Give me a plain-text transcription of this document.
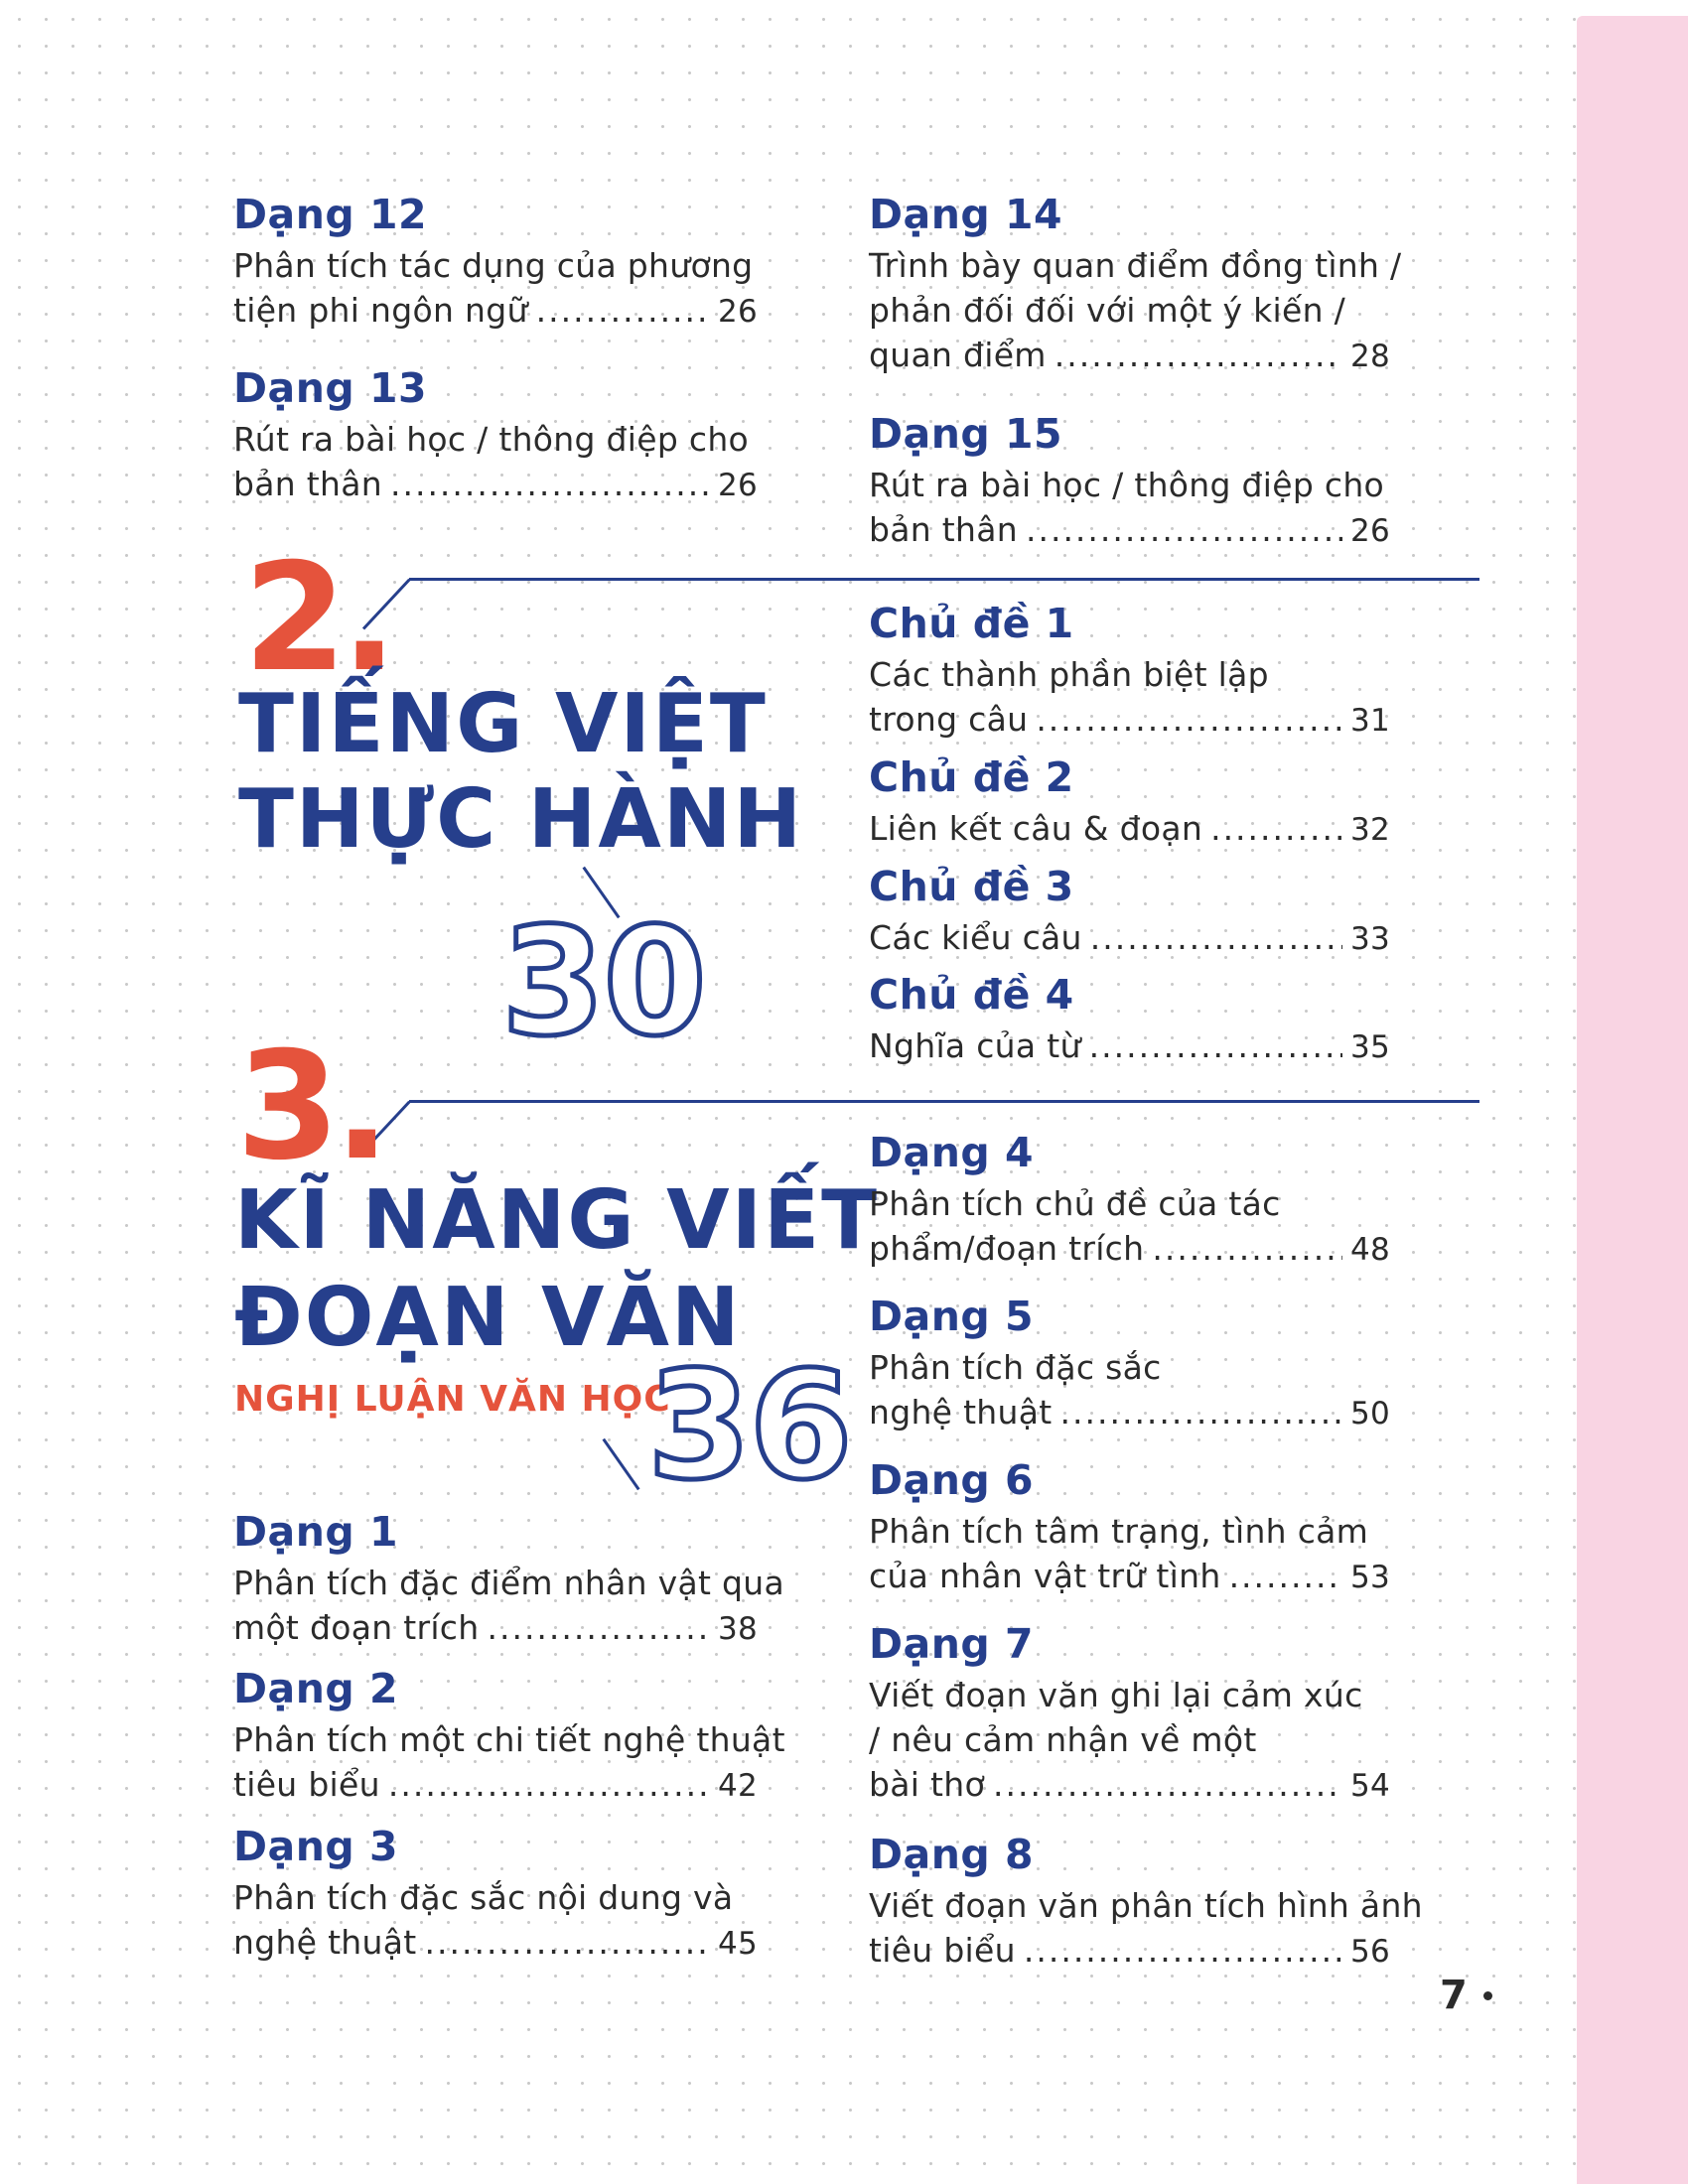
Dạng 12
Phân tích tác dụng của phương
tiện phi ngôn ngữ .....	26
Dạng 13
Rút ra bài học / thông điệp cho
bản thân .....	26
Dạng 14
Trình bày quan điểm đồng tình /
phản đối đối với một ý kiến /
quan điểm .....	28
Dạng 15
Rút ra bài học / thông điệp cho
bản thân .....	26
2.
TIẾNG VIỆT
THỰC HÀNH
30
Chủ đề 1
Các thành phần biệt lập
trong câu .....	31
Chủ đề 2
Liên kết câu & đoạn .....	32
Chủ đề 3
Các kiểu câu .....	33
Chủ đề 4
Nghĩa của từ .....	35
3.
KĨ NĂNG VIẾT
ĐOẠN VĂN
NGHỊ LUẬN VĂN HỌC
36
Dạng 1
Phân tích đặc điểm nhân vật qua
một đoạn trích .....	38
Dạng 2
Phân tích một chi tiết nghệ thuật
tiêu biểu .....	42
Dạng 3
Phân tích đặc sắc nội dung và
nghệ thuật .....	45
Dạng 4
Phân tích chủ đề của tác
phẩm/đoạn trích .....	48
Dạng 5
Phân tích đặc sắc
nghệ thuật .....	50
Dạng 6
Phân tích tâm trạng, tình cảm
của nhân vật trữ tình .....	53
Dạng 7
Viết đoạn văn ghi lại cảm xúc
/ nêu cảm nhận về một
bài thơ .....	54
Dạng 8
Viết đoạn văn phân tích hình ảnh
tiêu biểu .....	56
7
